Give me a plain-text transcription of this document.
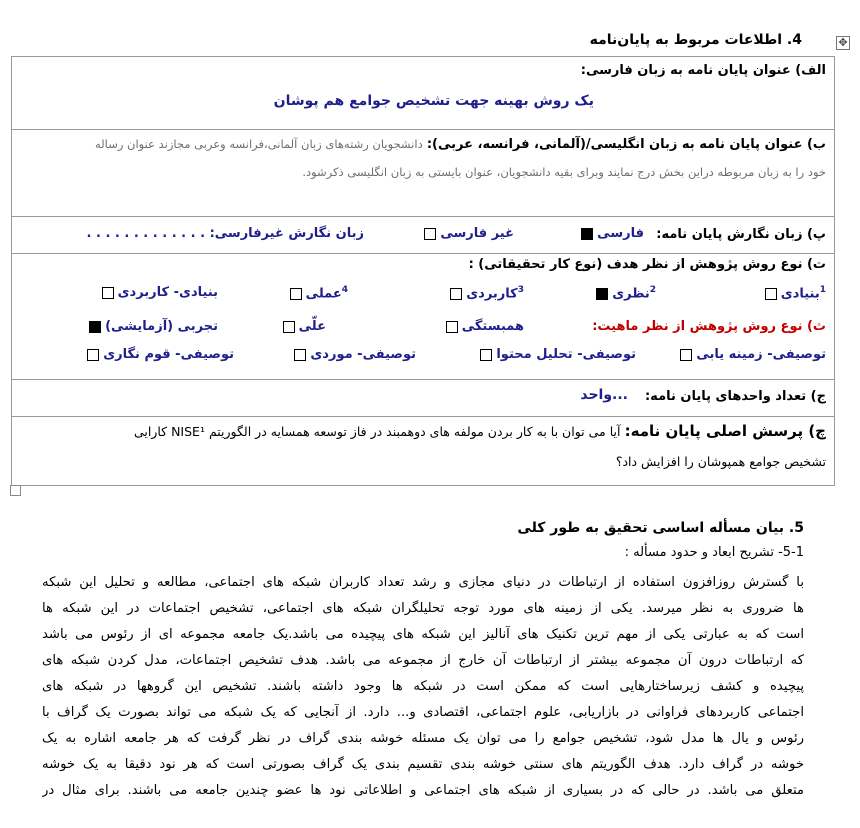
4. اطلاعات مربوط به پایان‌نامه	✥
الف) عنوان پایان نامه به زبان فارسی:
یک روش بهینه جهت تشخیص جوامع هم پوشان
ب) عنوان پایان نامه به زبان انگلیسی/(آلمانی، فرانسه، عربی): دانشجویان رشته‌های زبان آلمانی،فرانسه وعربی مجازند عنوان رساله
خود را به زبان مربوطه دراین بخش درج نمایند وبرای بقیه دانشجویان، عنوان بایستی به زبان انگلیسی ذکرشود.
پ) زبان نگارش پایان نامه:
فارسی
غیر فارسی
زبان نگارش غیرفارسی: . . . . . . . . . . . . .
ت) نوع روش پژوهش از نظر هدف (نوع کار تحقیقاتی) :
$^1$بنیادی
$^2$نظری
$^3$کاربردی
$^4$عملی
بنیادی- کاربردی
ث) نوع روش پژوهش از نظر ماهیت:
همبستگی
علّی
تجربی (آزمایشی)
توصیفی- زمینه یابی
توصیفی- تحلیل محتوا
توصیفی- موردی
توصیفی- قوم نگاری
ج) تعداد واحدهای پایان نامه:
...واحد
چ) پرسش اصلی پایان نامه: آیا می توان با به کار بردن مولفه های دوهمبند در فاز توسعه همسایه در الگوریتم NISE¹ کارایی
تشخیص جوامع همپوشان را افزایش داد؟
5. بیان مسأله اساسی تحقیق به طور کلی
5-1- تشریح ابعاد و حدود مسأله :
با گسترش روزافزون استفاده از ارتباطات در دنیای مجازی و رشد تعداد کاربران شبکه های اجتماعی، مطالعه و تحلیل این شبکه
ها ضروری به نظر میرسد. یکی از زمینه های مورد توجه تحلیلگران شبکه های اجتماعی، تشخیص اجتماعات در این شبکه ها
است که به عبارتی یکی از مهم ترین تکنیک های آنالیز این شبکه های پیچیده می باشد.یک جامعه مجموعه ای از رئوس می باشد
که ارتباطات درون آن مجموعه بیشتر از ارتباطات آن خارج از مجموعه می باشد. هدف تشخیص اجتماعات، مدل کردن شبکه های
پیچیده و کشف زیرساختارهایی است که ممکن است در شبکه ها وجود داشته باشند. تشخیص این گروهها در شبکه های
اجتماعی کاربردهای فراوانی در بازاریابی، علوم اجتماعی، اقتصادی و... دارد. از آنجایی که یک شبکه می تواند بصورت یک گراف با
رئوس و یال ها مدل شود، تشخیص جوامع را می توان یک مسئله خوشه بندی گراف در نظر گرفت که هر جامعه اشاره به یک
خوشه در گراف دارد. هدف الگوریتم های سنتی خوشه بندی تقسیم بندی یک گراف بصورتی است که هر نود دقیقا به یک خوشه
متعلق می باشد. در حالی که در بسیاری از شبکه های اجتماعی و اطلاعاتی نود ها عضو چندین جامعه می باشند. برای مثال در
